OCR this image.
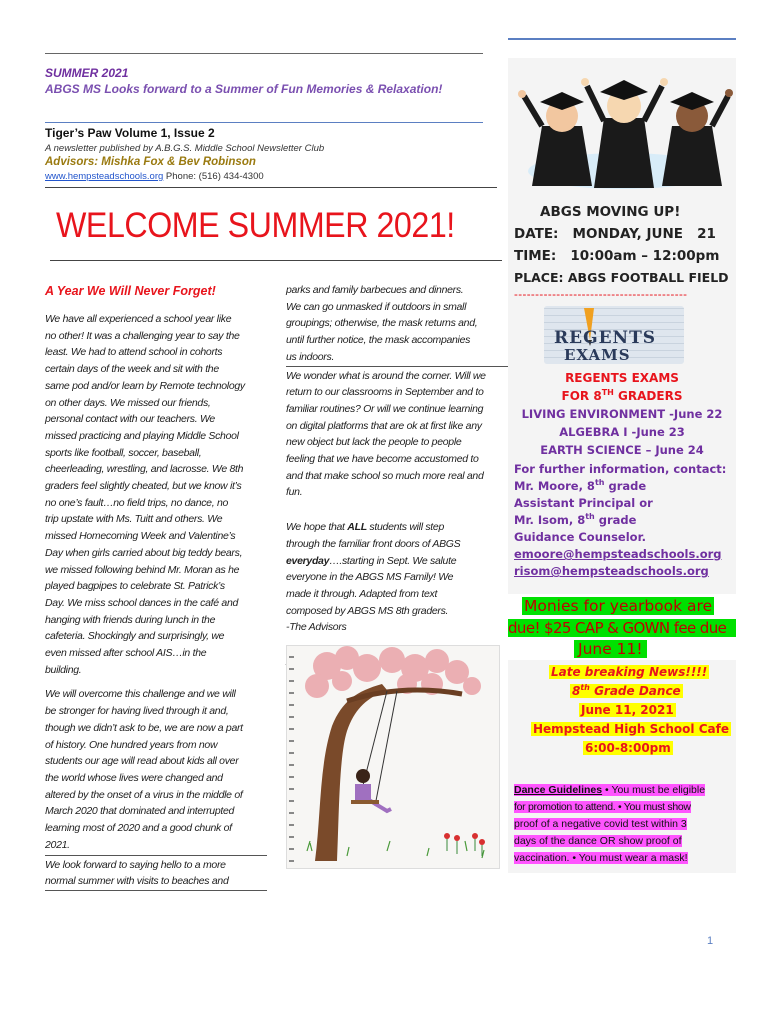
SUMMER 2021
ABGS MS Looks forward to a Summer of Fun Memories & Relaxation!
Tiger’s Paw Volume 1, Issue 2
A newsletter published by A.B.G.S. Middle School Newsletter Club
Advisors: Mishka Fox & Bev Robinson
www.hempsteadschools.org Phone: (516) 434-4300
WELCOME SUMMER 2021!
A Year We Will Never Forget!
We have all experienced a school year like
no other! It was a challenging year to say the
least. We had to attend school in cohorts
certain days of the week and sit with the
same pod and/or learn by Remote technology
on other days. We missed our friends,
personal contact with our teachers. We
missed practicing and playing Middle School
sports like football, soccer, baseball,
cheerleading, wrestling, and lacrosse. We 8th
graders feel slightly cheated, but we know it’s
no one’s fault…no field trips, no dance, no
trip upstate with Ms. Tuitt and others. We
missed Homecoming Week and Valentine’s
Day when girls carried about big teddy bears,
we missed following behind Mr. Moran as he
played bagpipes to celebrate St. Patrick’s
Day. We miss school dances in the café and
hanging with friends during lunch in the
cafeteria. Shockingly and surprisingly, we
even missed after school AIS…in the
building.
We will overcome this challenge and we will
be stronger for having lived through it and,
though we didn’t ask to be, we are now a part
of history. One hundred years from now
students our age will read about kids all over
the world whose lives were changed and
altered by the onset of a virus in the middle of
March 2020 that dominated and interrupted
learning most of 2020 and a good chunk of
2021.
We look forward to saying hello to a more
normal summer with visits to beaches and
parks and family barbecues and dinners.
We can go unmasked if outdoors in small
groupings; otherwise, the mask returns and,
until further notice, the mask accompanies
us indoors.
We wonder what is around the corner. Will we
return to our classrooms in September and to
familiar routines? Or will we continue learning
on digital platforms that are ok at first like any
new object but lack the people to people
feeling that we have become accustomed to
and that make school so much more real and
fun.
We hope that ALL students will step
through the familiar front doors of ABGS
everyday….starting in Sept. We salute
everyone in the ABGS MS Family! We
made it through. Adapted from text
composed by ABGS MS 8th graders.
-The Advisors
ABGS MOVING UP!
DATE:   MONDAY, JUNE   21
TIME:   10:00am – 12:00pm
PLACE: ABGS FOOTBALL FIELD
-----------------------------------------
REGENTS
EXAMS
REGENTS EXAMS
FOR 8TH GRADERS
LIVING ENVIRONMENT -June 22
ALGEBRA I -June 23
EARTH SCIENCE – June 24
For further information, contact:
Mr. Moore, 8th grade
Assistant Principal or
Mr. Isom, 8th grade
Guidance Counselor.
emoore@hempsteadschools.org
risom@hempsteadschools.org
Monies for yearbook are
due! $25 CAP & GOWN fee due
June 11!
Late breaking News!!!!
8th Grade Dance
June 11, 2021
Hempstead High School Cafe
6:00-8:00pm
Dance Guidelines • You must be eligible
for promotion to attend. • You must show
proof of a negative covid test within 3
days of the dance OR show proof of
vaccination. • You must wear a mask!
1
